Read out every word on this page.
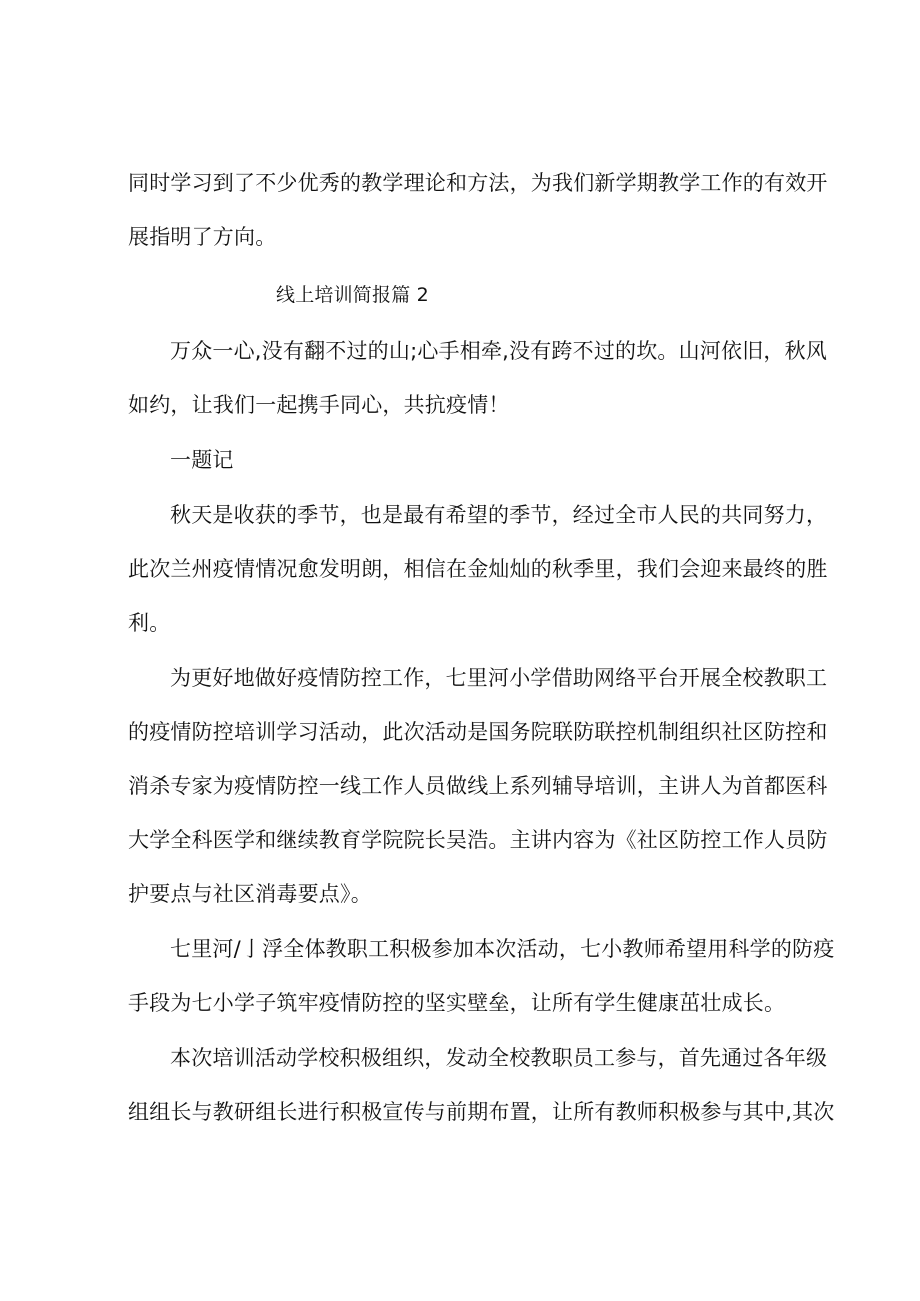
同时学习到了不少优秀的教学理论和方法，为我们新学期教学工作的有效开
展指明了方向。
线上培训简报篇 2
万众一心,没有翻不过的山;心手相牵,没有跨不过的坎。山河依旧，秋风
如约，让我们一起携手同心，共抗疫情！
一题记
秋天是收获的季节，也是最有希望的季节，经过全市人民的共同努力，
此次兰州疫情情况愈发明朗，相信在金灿灿的秋季里，我们会迎来最终的胜
利。
为更好地做好疫情防控工作，七里河小学借助网络平台开展全校教职工
的疫情防控培训学习活动，此次活动是国务院联防联控机制组织社区防控和
消杀专家为疫情防控一线工作人员做线上系列辅导培训，主讲人为首都医科
大学全科医学和继续教育学院院长吴浩。主讲内容为《社区防控工作人员防
护要点与社区消毒要点》。
七里河/亅浮全体教职工积极参加本次活动，七小教师希望用科学的防疫
手段为七小学子筑牢疫情防控的坚实壁垒，让所有学生健康茁壮成长。
本次培训活动学校积极组织，发动全校教职员工参与，首先通过各年级
组组长与教研组长进行积极宣传与前期布置，让所有教师积极参与其中,其次
